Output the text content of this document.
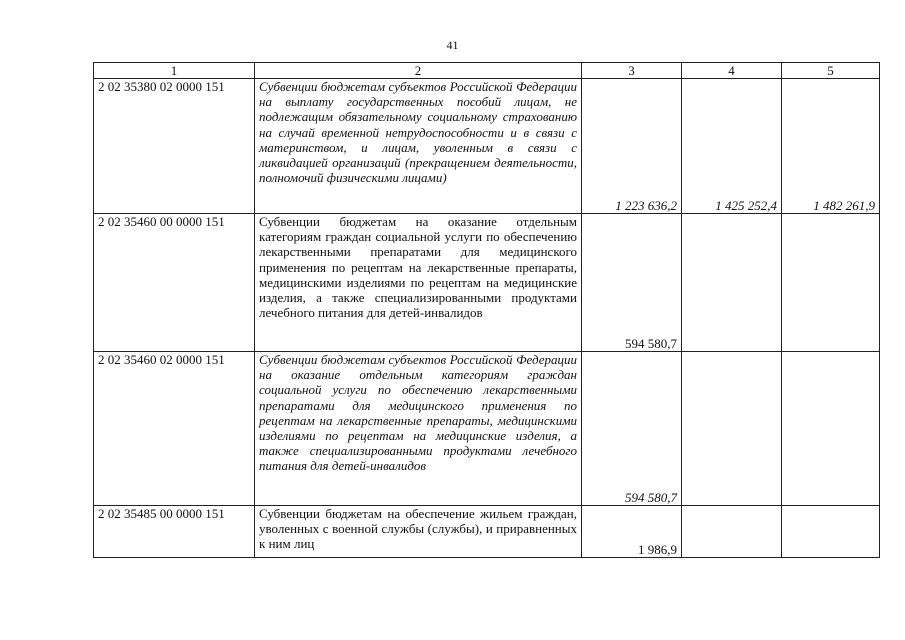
41
1	2	3	4	5
2 02 35380 02 0000 151	Субвенции бюджетам субъектов Российской Федерации на выплату государственных пособий лицам, не подлежащим обязательному социальному страхованию на случай временной нетрудоспособности и в связи с материнством, и лицам, уволенным в связи с ликвидацией организаций (прекращением деятельности, полномочий физическими лицами)	1 223 636,2	1 425 252,4	1 482 261,9
2 02 35460 00 0000 151	Субвенции бюджетам на оказание отдельным категориям граждан социальной услуги по обеспечению лекарственными препаратами для медицинского применения по рецептам на лекарственные препараты, медицинскими изделиями по рецептам на медицинские изделия, а также специализированными продуктами лечебного питания для детей-инвалидов	594 580,7		
2 02 35460 02 0000 151	Субвенции бюджетам субъектов Российской Федерации на оказание отдельным категориям граждан социальной услуги по обеспечению лекарственными препаратами для медицинского применения по рецептам на лекарственные препараты, медицинскими изделиями по рецептам на медицинские изделия, а также специализированными продуктами лечебного питания для детей-инвалидов	594 580,7		
2 02 35485 00 0000 151	Субвенции бюджетам на обеспечение жильем граждан, уволенных с военной службы (службы), и приравненных к ним лиц	1 986,9		
